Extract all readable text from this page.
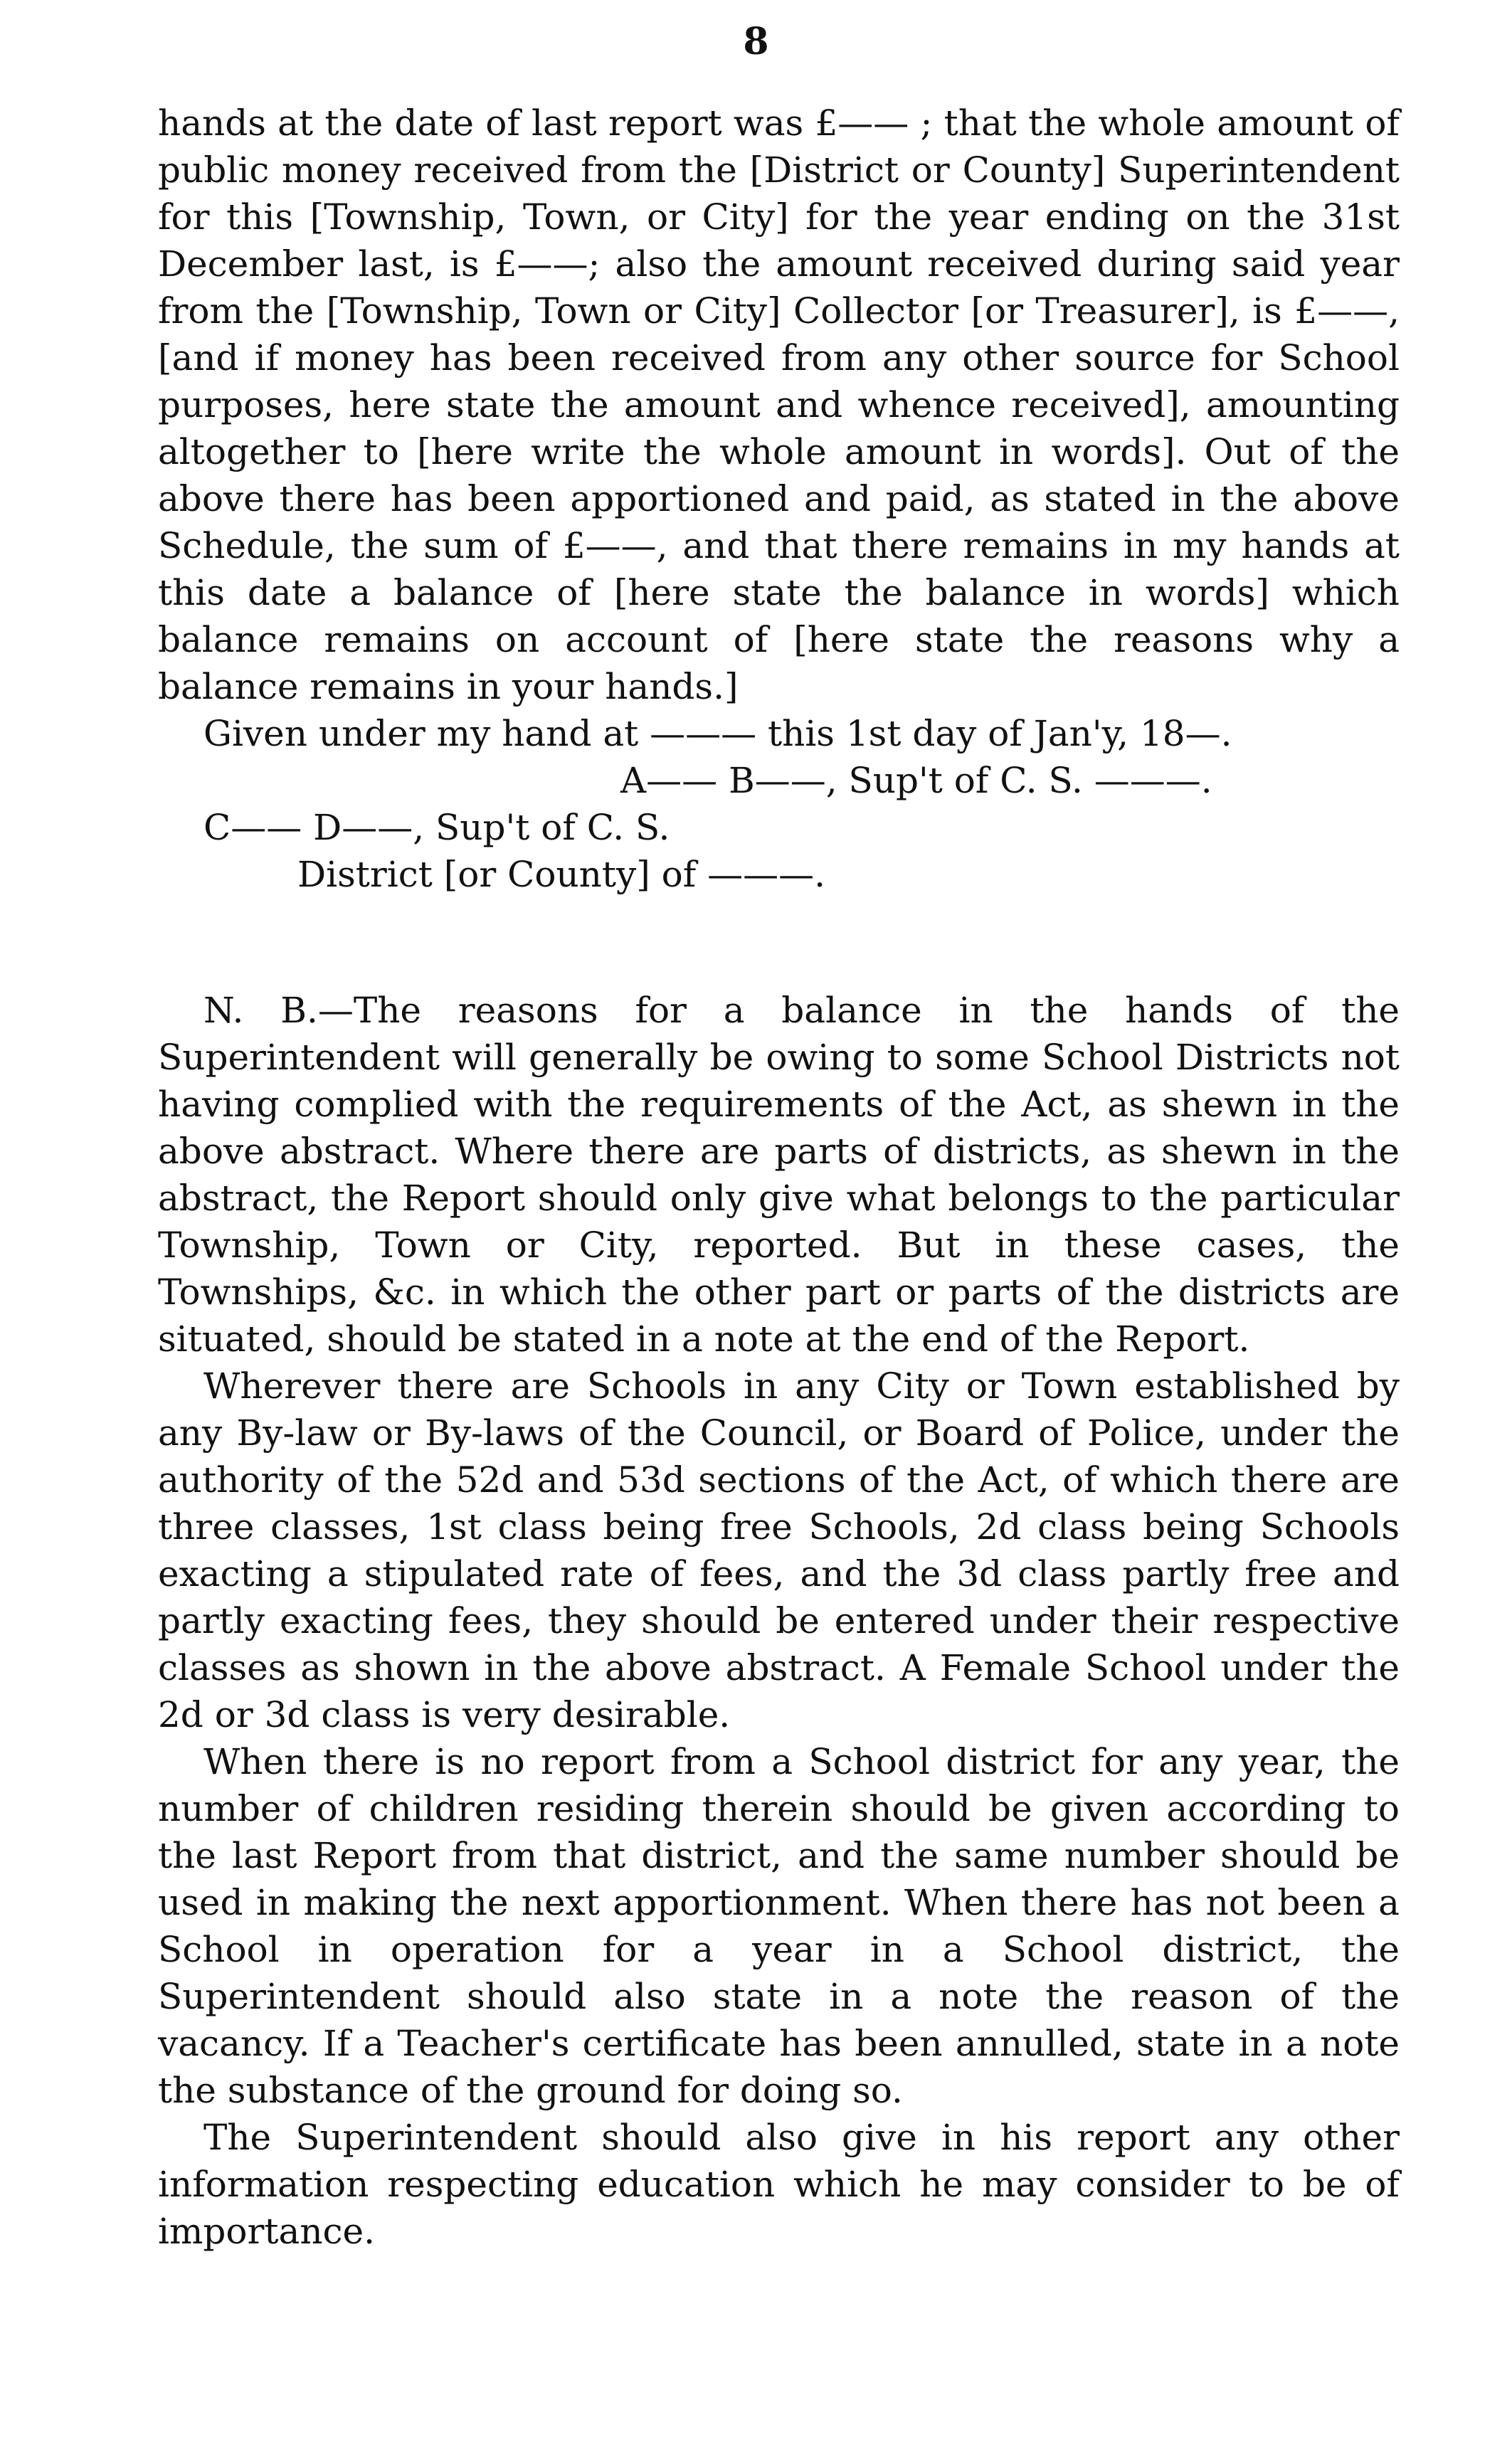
8

hands at the date of last report was £—— ; that the whole amount of public money received from the [District or County] Superintendent for this [Township, Town, or City] for the year ending on the 31st December last, is £——; also the amount received during said year from the [Township, Town or City] Collector [or Treasurer], is £——, [and if money has been received from any other source for School purposes, here state the amount and whence received], amounting altogether to [here write the whole amount in words]. Out of the above there has been apportioned and paid, as stated in the above Schedule, the sum of £——, and that there remains in my hands at this date a balance of [here state the balance in words] which balance remains on account of [here state the reasons why a balance remains in your hands.]

Given under my hand at ——— this 1st day of Jan'y, 18—.

A—— B——, Sup't of C. S. ———.

C—— D——, Sup't of C. S.

District [or County] of ———.

N. B.—The reasons for a balance in the hands of the Superintendent will generally be owing to some School Districts not having complied with the requirements of the Act, as shewn in the above abstract. Where there are parts of districts, as shewn in the abstract, the Report should only give what belongs to the particular Township, Town or City, reported. But in these cases, the Townships, &c. in which the other part or parts of the districts are situated, should be stated in a note at the end of the Report.

Wherever there are Schools in any City or Town established by any By-law or By-laws of the Council, or Board of Police, under the authority of the 52d and 53d sections of the Act, of which there are three classes, 1st class being free Schools, 2d class being Schools exacting a stipulated rate of fees, and the 3d class partly free and partly exacting fees, they should be entered under their respective classes as shown in the above abstract. A Female School under the 2d or 3d class is very desirable.

When there is no report from a School district for any year, the number of children residing therein should be given according to the last Report from that district, and the same number should be used in making the next apportionment. When there has not been a School in operation for a year in a School district, the Superintendent should also state in a note the reason of the vacancy. If a Teacher's certificate has been annulled, state in a note the substance of the ground for doing so.

The Superintendent should also give in his report any other information respecting education which he may consider to be of importance.
